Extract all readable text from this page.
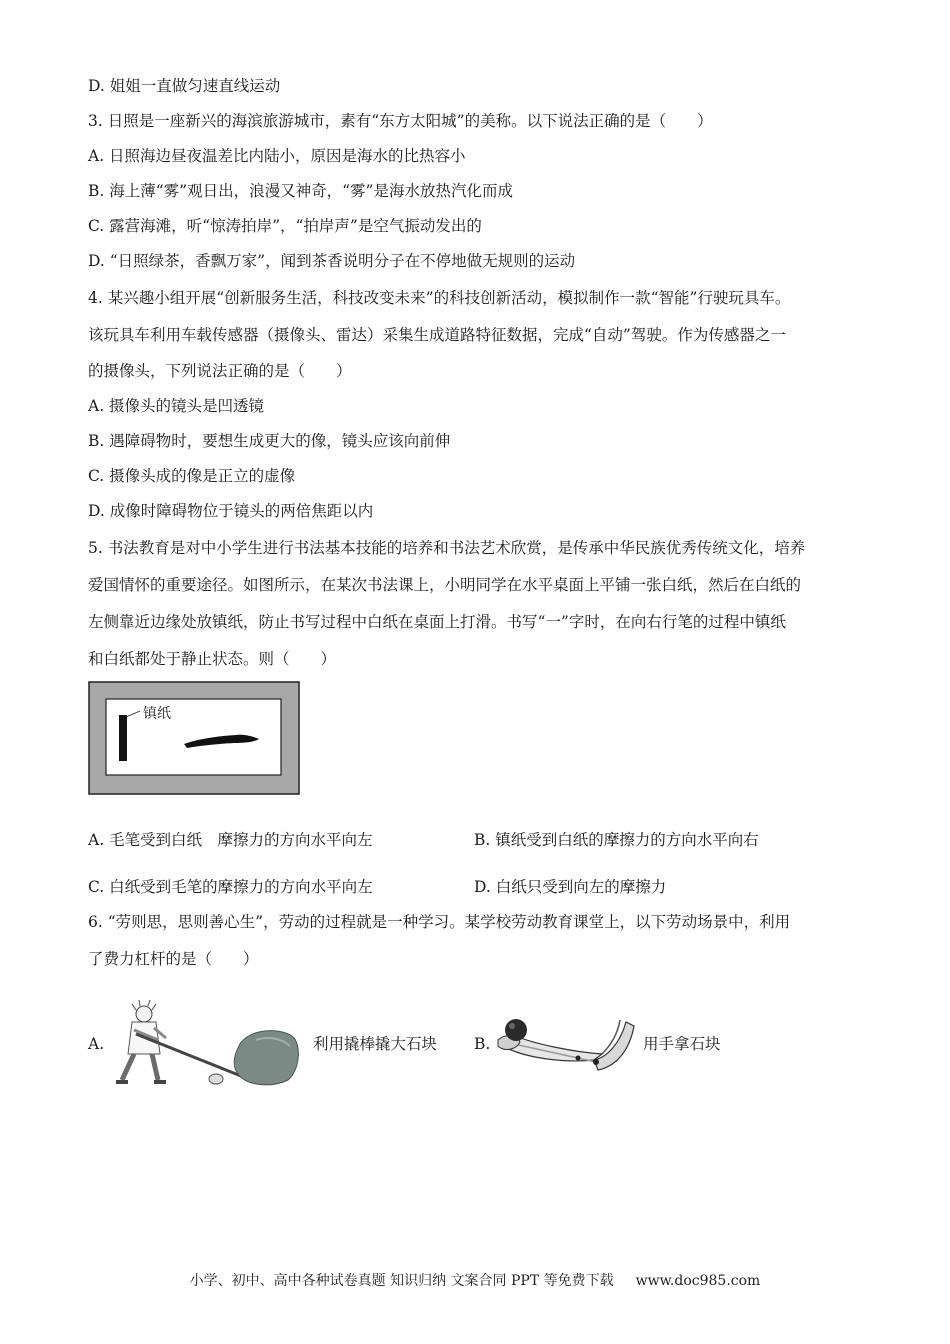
D. 姐姐一直做匀速直线运动
3. 日照是一座新兴的海滨旅游城市，素有“东方太阳城”的美称。以下说法正确的是（　　）
A. 日照海边昼夜温差比内陆小，原因是海水的比热容小
B. 海上薄“雾”观日出，浪漫又神奇，“雾”是海水放热汽化而成
C. 露营海滩，听“惊涛拍岸”，“拍岸声”是空气振动发出的
D. “日照绿茶，香飘万家”，闻到茶香说明分子在不停地做无规则的运动
4. 某兴趣小组开展“创新服务生活，科技改变未来”的科技创新活动，模拟制作一款“智能”行驶玩具车。
该玩具车利用车载传感器（摄像头、雷达）采集生成道路特征数据，完成“自动”驾驶。作为传感器之一
的摄像头，下列说法正确的是（　　）
A. 摄像头的镜头是凹透镜
B. 遇障碍物时，要想生成更大的像，镜头应该向前伸
C. 摄像头成的像是正立的虚像
D. 成像时障碍物位于镜头的两倍焦距以内
5. 书法教育是对中小学生进行书法基本技能的培养和书法艺术欣赏，是传承中华民族优秀传统文化，培养
爱国情怀的重要途径。如图所示，在某次书法课上，小明同学在水平桌面上平铺一张白纸，然后在白纸的
左侧靠近边缘处放镇纸，防止书写过程中白纸在桌面上打滑。书写“一”字时，在向右行笔的过程中镇纸
和白纸都处于静止状态。则（　　）
镇纸
A. 毛笔受到白纸　摩擦力的方向水平向左	B. 镇纸受到白纸的摩擦力的方向水平向右
C. 白纸受到毛笔的摩擦力的方向水平向左	D. 白纸只受到向左的摩擦力
6. “劳则思，思则善心生”，劳动的过程就是一种学习。某学校劳动教育课堂上，以下劳动场景中，利用
了费力杠杆的是（　　）
A.	利用撬棒撬大石块 B.	用手拿石块
小学、初中、高中各种试卷真题 知识归纳 文案合同 PPT 等免费下载 www.doc985.com
